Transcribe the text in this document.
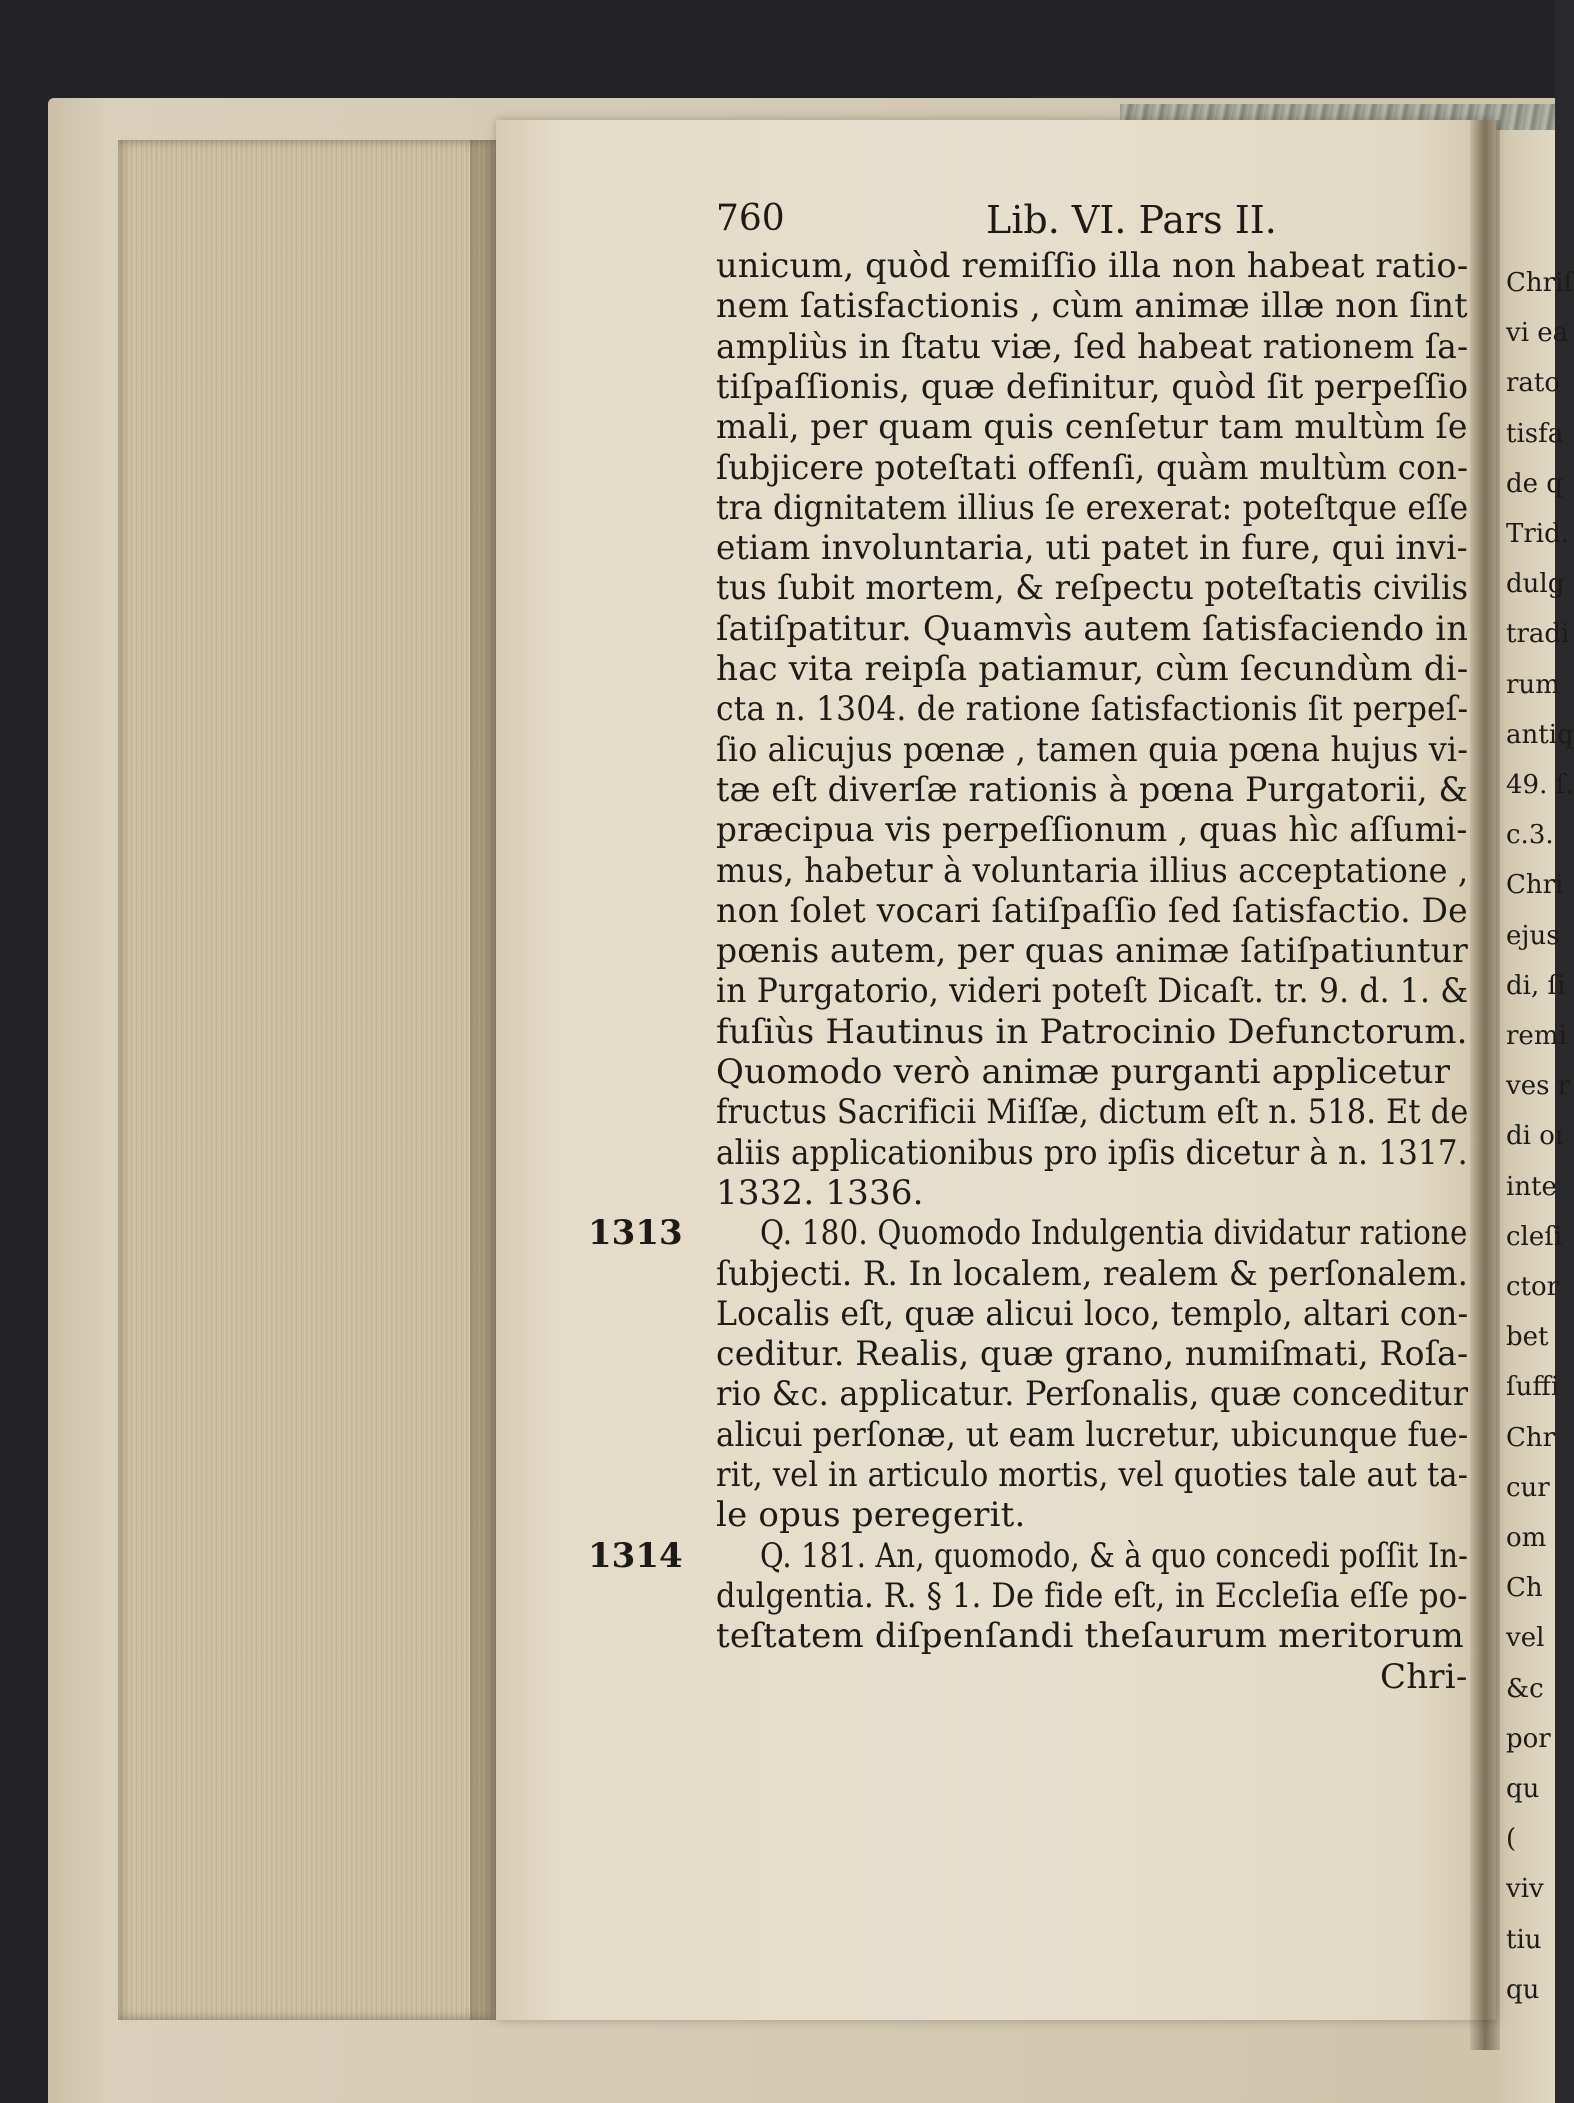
760	Lib. VI. Pars II.
unicum, quòd remiſſio illa non habeat ratio-
nem ſatisfactionis , cùm animæ illæ non ſint
ampliùs in ſtatu viæ, ſed habeat rationem ſa-
tiſpaſſionis, quæ definitur, quòd ſit perpeſſio
mali, per quam quis cenſetur tam multùm ſe
ſubjicere poteſtati offenſi, quàm multùm con-
tra dignitatem illius ſe erexerat: poteſtque eſſe
etiam involuntaria, uti patet in fure, qui invi-
tus ſubit mortem, & reſpectu poteſtatis civilis
ſatiſpatitur. Quamvìs autem ſatisfaciendo in
hac vita reipſa patiamur, cùm ſecundùm di-
cta n. 1304. de ratione ſatisfactionis ſit perpeſ-
ſio alicujus pœnæ , tamen quia pœna hujus vi-
tæ eſt diverſæ rationis à pœna Purgatorii, &
præcipua vis perpeſſionum , quas hìc aſſumi-
mus, habetur à voluntaria illius acceptatione ,
non ſolet vocari ſatiſpaſſio ſed ſatisfactio. De
pœnis autem, per quas animæ ſatiſpatiuntur
in Purgatorio, videri poteſt Dicaſt. tr. 9. d. 1. &
fuſiùs Hautinus in Patrocinio Defunctorum.
Quomodo verò animæ purganti applicetur
fructus Sacrificii Miſſæ, dictum eſt n. 518. Et de
aliis applicationibus pro ipſis dicetur à n. 1317.
1332. 1336.
Q. 180. Quomodo Indulgentia dividatur ratione
ſubjecti. R. In localem, realem & perſonalem.
Localis eſt, quæ alicui loco, templo, altari con-
ceditur. Realis, quæ grano, numiſmati, Roſa-
rio &c. applicatur. Perſonalis, quæ conceditur
alicui perſonæ, ut eam lucretur, ubicunque fue-
rit, vel in articulo mortis, vel quoties tale aut ta-
le opus peregerit.
Q. 181. An, quomodo, & à quo concedi poſſit In-
dulgentia. R. § 1. De fide eſt, in Eccleſia eſſe po-
teſtatem diſpenſandi theſaurum meritorum
1313
1314
Chriſ
vi ea
rato
tisfa
de q
Trid.
dulg
tradi
rum
antiq
49. ſ.
c.3.
Chri
ejus
di, ſi
remi
ves r
di oı
inte
cleſi
ctor
bet
ſuffi
Chr
cur
om
Ch
vel
&c
por
qu
(
viv
tiu
qu
Chri-
